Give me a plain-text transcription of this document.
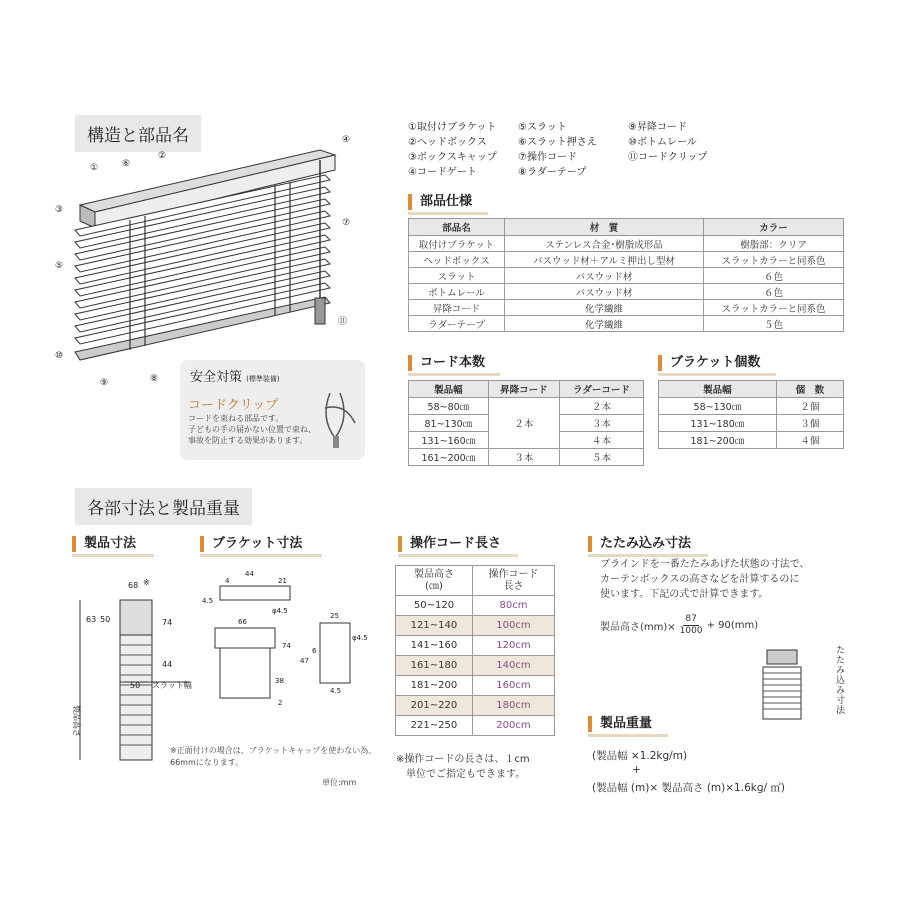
構造と部品名
①
②
③
④
⑤
⑥
⑦
⑧
⑨
⑩
⑪
安全対策 (標準装備)
コードクリップ
コードを束ねる部品です。
子どもの手の届かない位置で束ね、
事故を防止する効果があります。
①取付けブラケット
②ヘッドボックス
③ボックスキャップ
④コードゲート
⑤スラット
⑥スラット押さえ
⑦操作コード
⑧ラダーテープ
⑨昇降コード
⑩ボトムレール
⑪コードクリップ
部品仕様
部品名	材　質	カラー
取付けブラケット	ステンレス合金･樹脂成形品	樹脂部：クリア
ヘッドボックス	バスウッド材＋アルミ押出し型材	スラットカラーと同系色
スラット	バスウッド材	６色
ボトムレール	バスウッド材	６色
昇降コード	化学繊維	スラットカラーと同系色
ラダーテープ	化学繊維	５色
コード本数
製品幅	昇降コード	ラダーコード
58~80㎝	２本	２本
81~130㎝		３本
131~160㎝		４本
161~200㎝	３本	５本
ブラケット個数
製品幅	個　数
58~130㎝	２個
131~180㎝	３個
181~200㎝	４個
各部寸法と製品重量
製品寸法
68 ※
63 50	74
44
50 スラット幅
製品高さ
※正面付けの場合は、ブラケットキャップを使わない為、
66mmになります。
単位:mm
ブラケット寸法
44
4	21
4.5
φ4.5
66
74
47
38
2
25
φ4.5
6
4.5
操作コード長さ
製品高さ
(㎝)	操作コード
長さ
50~120	80cm
121~140	100cm
141~160	120cm
161~180	140cm
181~200	160cm
201~220	180cm
221~250	200cm
※操作コードの長さは、１cm
単位でご指定もできます。
たたみ込み寸法
ブラインドを一番たたみあげた状態の寸法で、
カーテンボックスの高さなどを計算するのに
使います。下記の式で計算できます。
製品高さ$(mm)\times \frac{87}{1000} + 90(mm)$
たたみ込み寸法
製品重量
(製品幅 ×1.2kg/m)
+
(製品幅 (m)× 製品高さ (m)×1.6kg/ ㎡)
